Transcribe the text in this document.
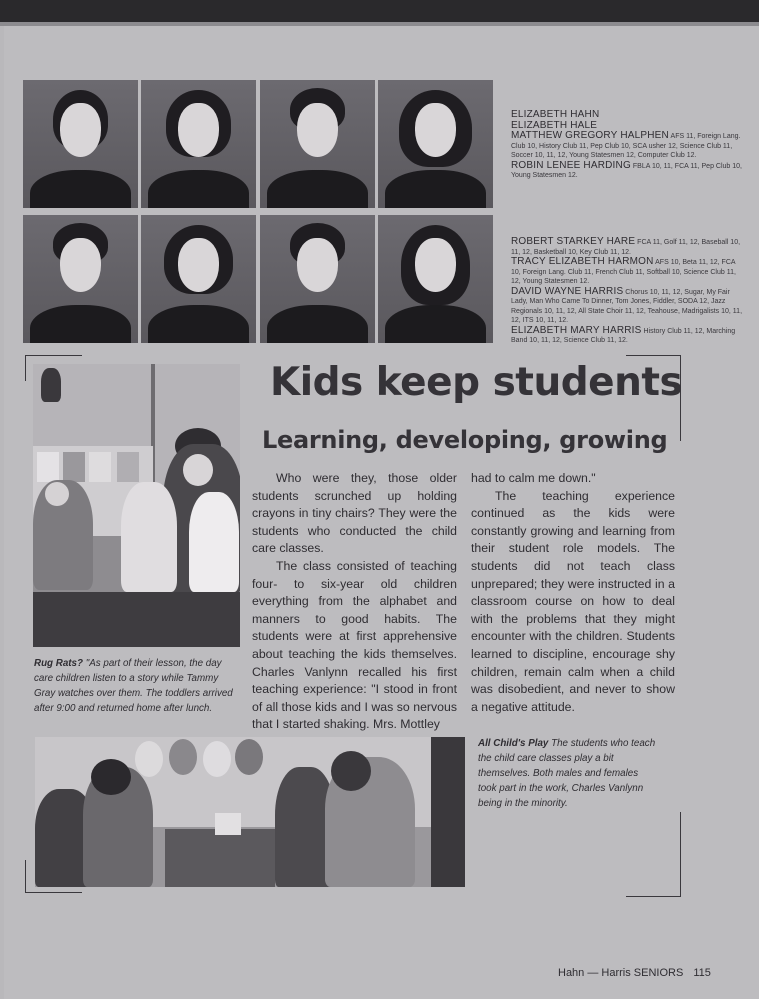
ELIZABETH HAHN
ELIZABETH HALE
MATTHEW GREGORY HALPHEN AFS 11, Foreign Lang. Club 10, History Club 11, Pep Club 10, SCA usher 12, Science Club 11, Soccer 10, 11, 12, Young Statesmen 12, Computer Club 12.
ROBIN LENEE HARDING FBLA 10, 11, FCA 11, Pep Club 10, Young Statesmen 12.
ROBERT STARKEY HARE FCA 11, Golf 11, 12, Baseball 10, 11, 12, Basketball 10, Key Club 11, 12.
TRACY ELIZABETH HARMON AFS 10, Beta 11, 12, FCA 10, Foreign Lang. Club 11, French Club 11, Softball 10, Science Club 11, 12, Young Statesmen 12.
DAVID WAYNE HARRIS Chorus 10, 11, 12, Sugar, My Fair Lady, Man Who Came To Dinner, Tom Jones, Fiddler, SODA 12, Jazz Regionals 10, 11, 12, All State Choir 11, 12, Teahouse, Madrigalists 10, 11, 12, ITS 10, 11, 12.
ELIZABETH MARY HARRIS History Club 11, 12, Marching Band 10, 11, 12, Science Club 11, 12.
Kids keep students
Learning, developing, growing

Who were they, those older students scrunched up holding crayons in tiny chairs? They were the students who conducted the child care classes.

The class consisted of teaching four- to six-year old children everything from the alphabet and manners to good habits. The students were at first apprehensive about teaching the kids themselves. Charles Vanlynn recalled his first teaching experience: "I stood in front of all those kids and I was so nervous that I started shaking. Mrs. Mottley

had to calm me down."

The teaching experience continued as the kids were constantly growing and learning from their student role models. The students did not teach class unprepared; they were instructed in a classroom course on how to deal with the problems that they might encounter with the children. Students learned to discipline, encourage shy children, remain calm when a child was disobedient, and never to show a negative attitude.

Rug Rats? "As part of their lesson, the day care children listen to a story while Tammy Gray watches over them. The toddlers arrived after 9:00 and returned home after lunch.
All Child's Play The students who teach the child care classes play a bit themselves. Both males and females took part in the work, Charles Vanlynn being in the minority.
Hahn — Harris SENIORS 115
